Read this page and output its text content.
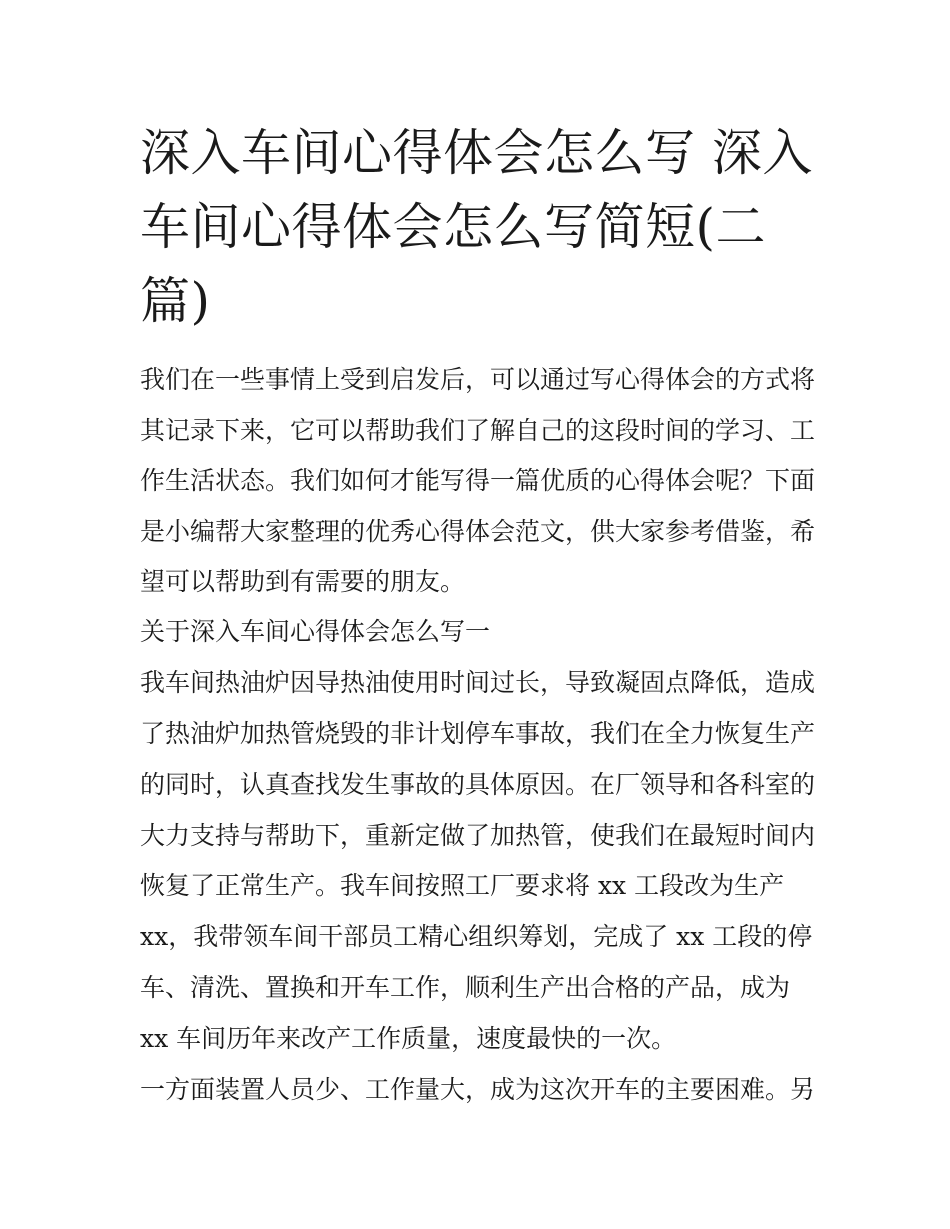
深入车间心得体会怎么写 深入车间心得体会怎么写简短(二篇)

我们在一些事情上受到启发后，可以通过写心得体会的方式将

其记录下来，它可以帮助我们了解自己的这段时间的学习、工

作生活状态。我们如何才能写得一篇优质的心得体会呢？下面

是小编帮大家整理的优秀心得体会范文，供大家参考借鉴，希

望可以帮助到有需要的朋友。

关于深入车间心得体会怎么写一

我车间热油炉因导热油使用时间过长，导致凝固点降低，造成

了热油炉加热管烧毁的非计划停车事故，我们在全力恢复生产

的同时，认真查找发生事故的具体原因。在厂领导和各科室的

大力支持与帮助下，重新定做了加热管，使我们在最短时间内

恢复了正常生产。我车间按照工厂要求将 xx 工段改为生产

xx，我带领车间干部员工精心组织筹划，完成了 xx 工段的停

车、清洗、置换和开车工作，顺利生产出合格的产品，成为

xx 车间历年来改产工作质量，速度最快的一次。

一方面装置人员少、工作量大，成为这次开车的主要困难。另
